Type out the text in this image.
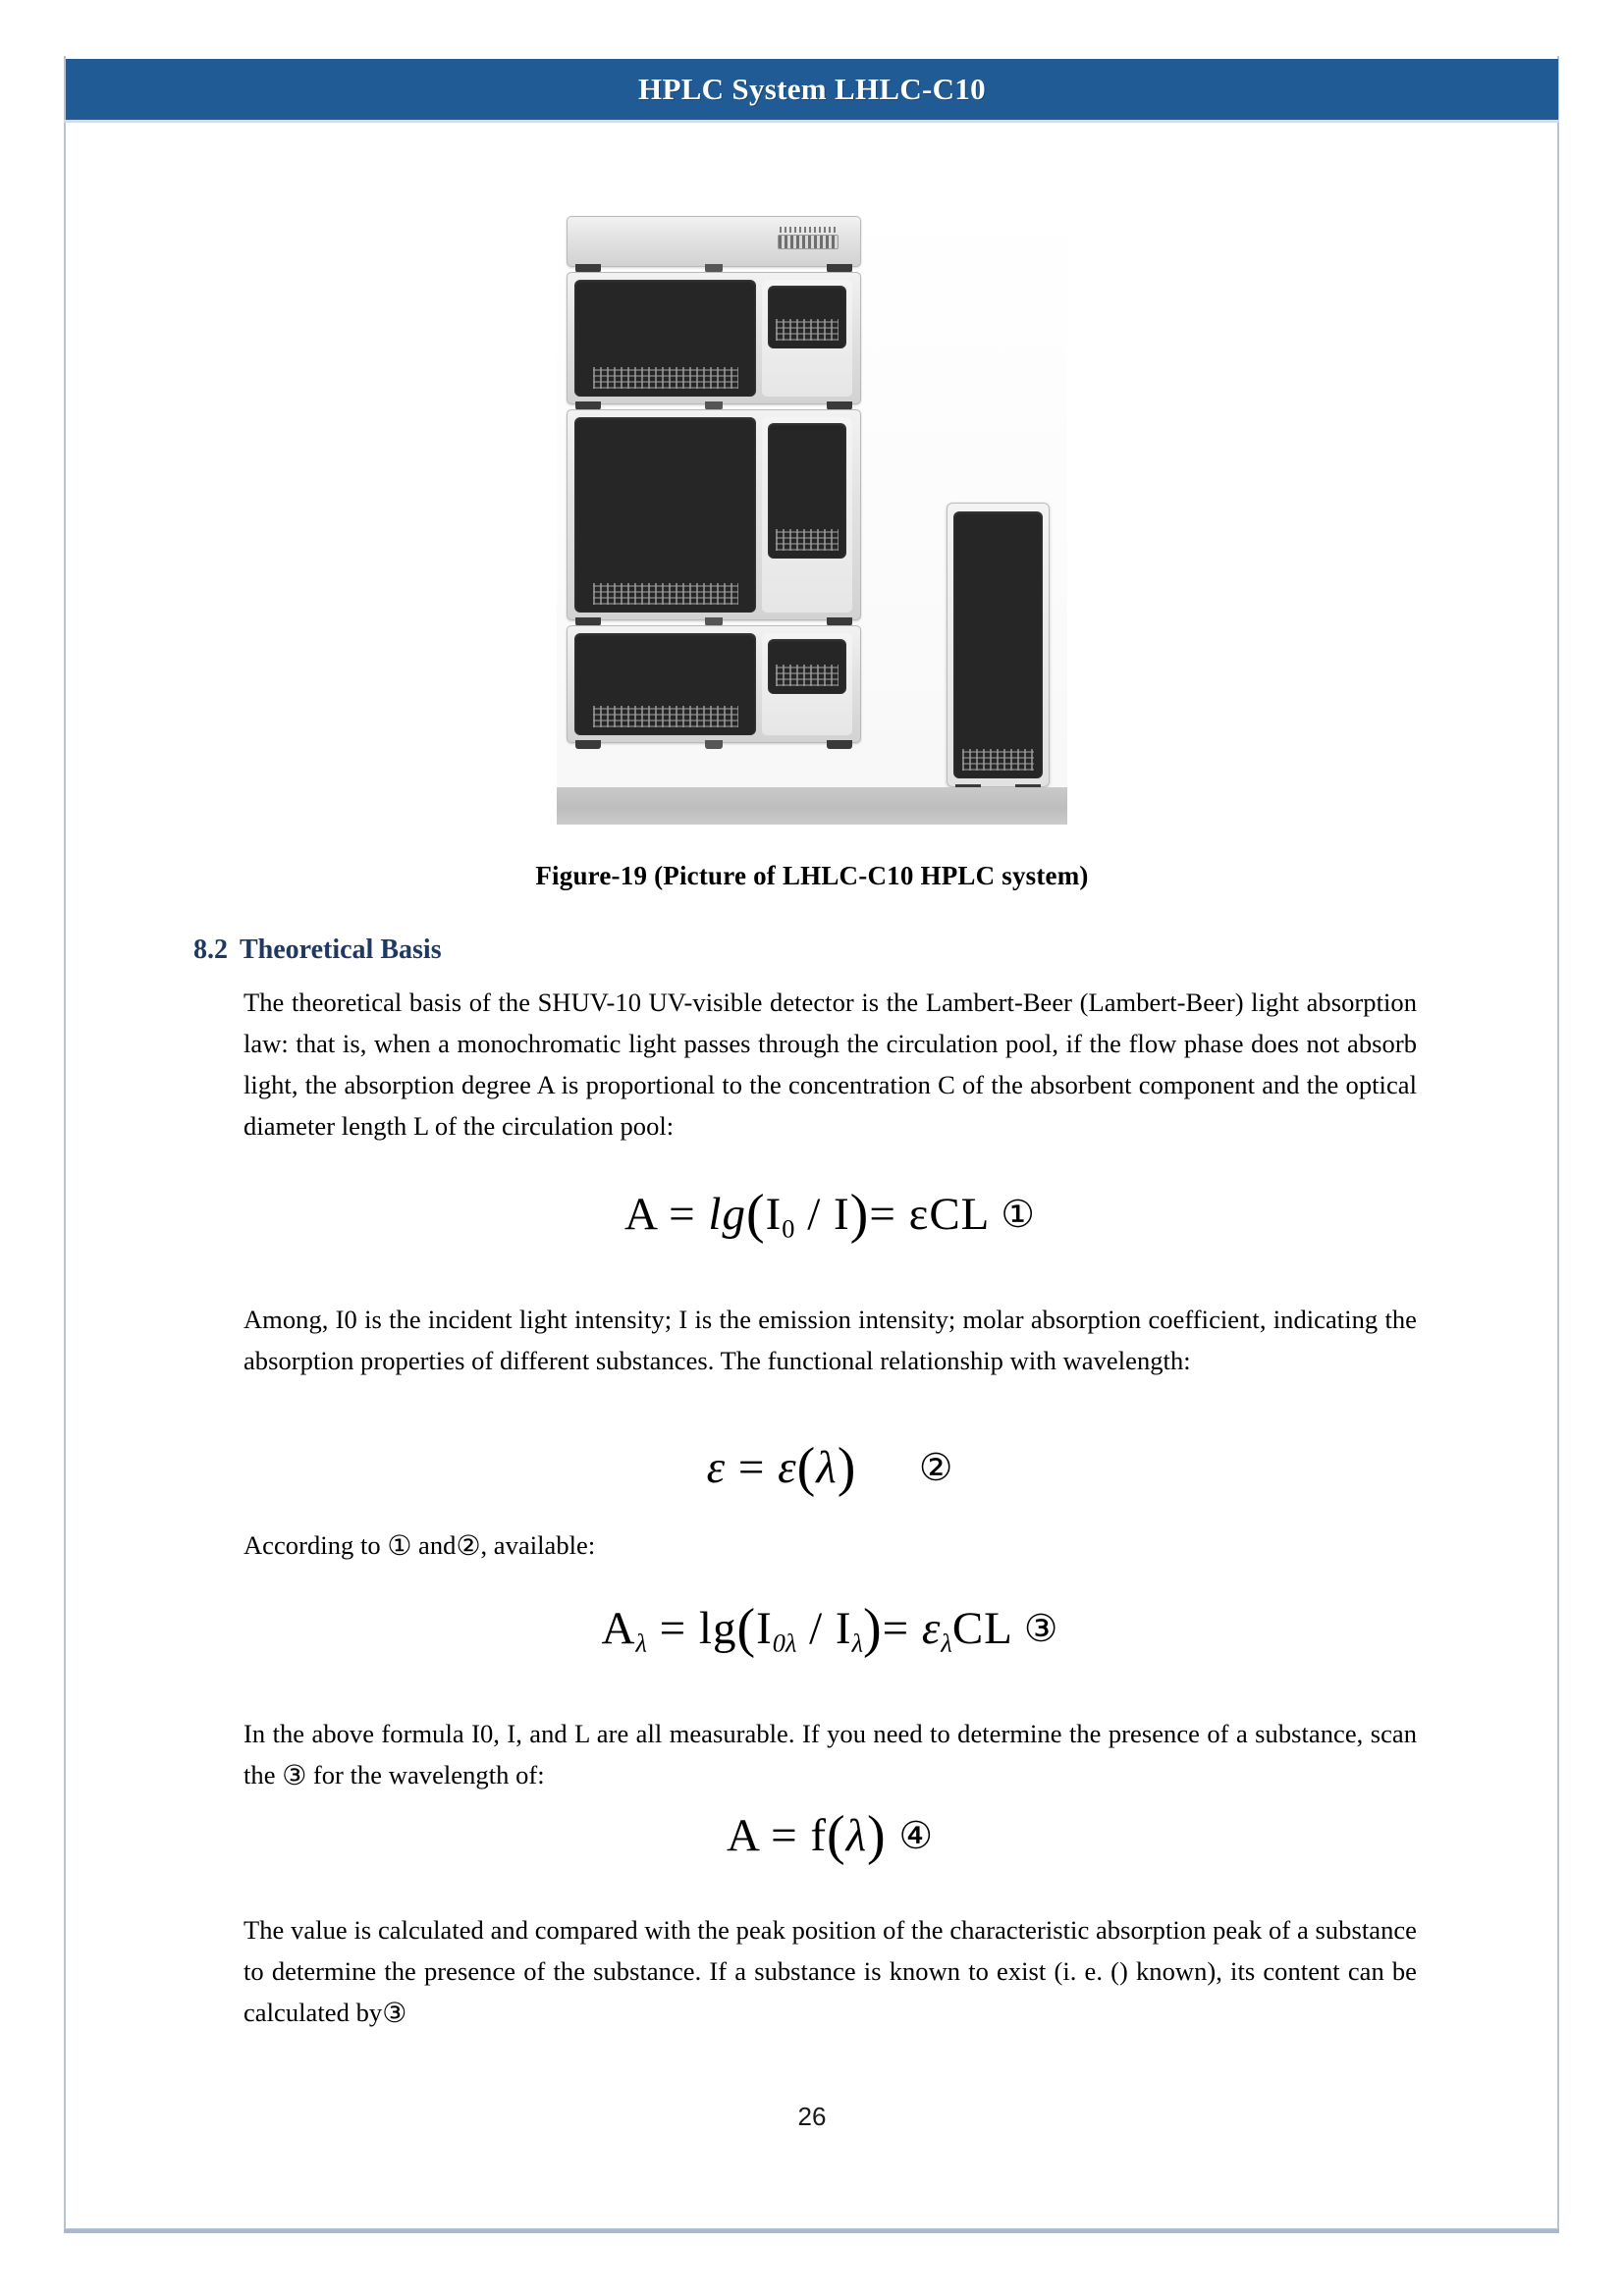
HPLC System LHLC-C10
Figure-19 (Picture of LHLC-C10 HPLC system)
8.2 Theoretical Basis

The theoretical basis of the SHUV-10 UV-visible detector is the Lambert-Beer (Lambert-Beer) light absorption law: that is, when a monochromatic light passes through the circulation pool, if the flow phase does not absorb light, the absorption degree A is proportional to the concentration C of the absorbent component and the optical diameter length L of the circulation pool:

$A = \lg(I_0 / I)= \varepsilon CL$ ①

Among, I0 is the incident light intensity; I is the emission intensity; molar absorption coefficient, indicating the absorption properties of different substances. The functional relationship with wavelength:

ε = ε(λ) ②

According to ① and②, available:

$A_\lambda = \lg(I_{0\lambda} / I_\lambda)= \varepsilon_\lambda CL$ ③

In the above formula I0, I, and L are all measurable. If you need to determine the presence of a substance, scan the ③ for the wavelength of:

A = f(λ) ④

The value is calculated and compared with the peak position of the characteristic absorption peak of a substance to determine the presence of the substance. If a substance is known to exist (i. e. () known), its content can be calculated by③

26
